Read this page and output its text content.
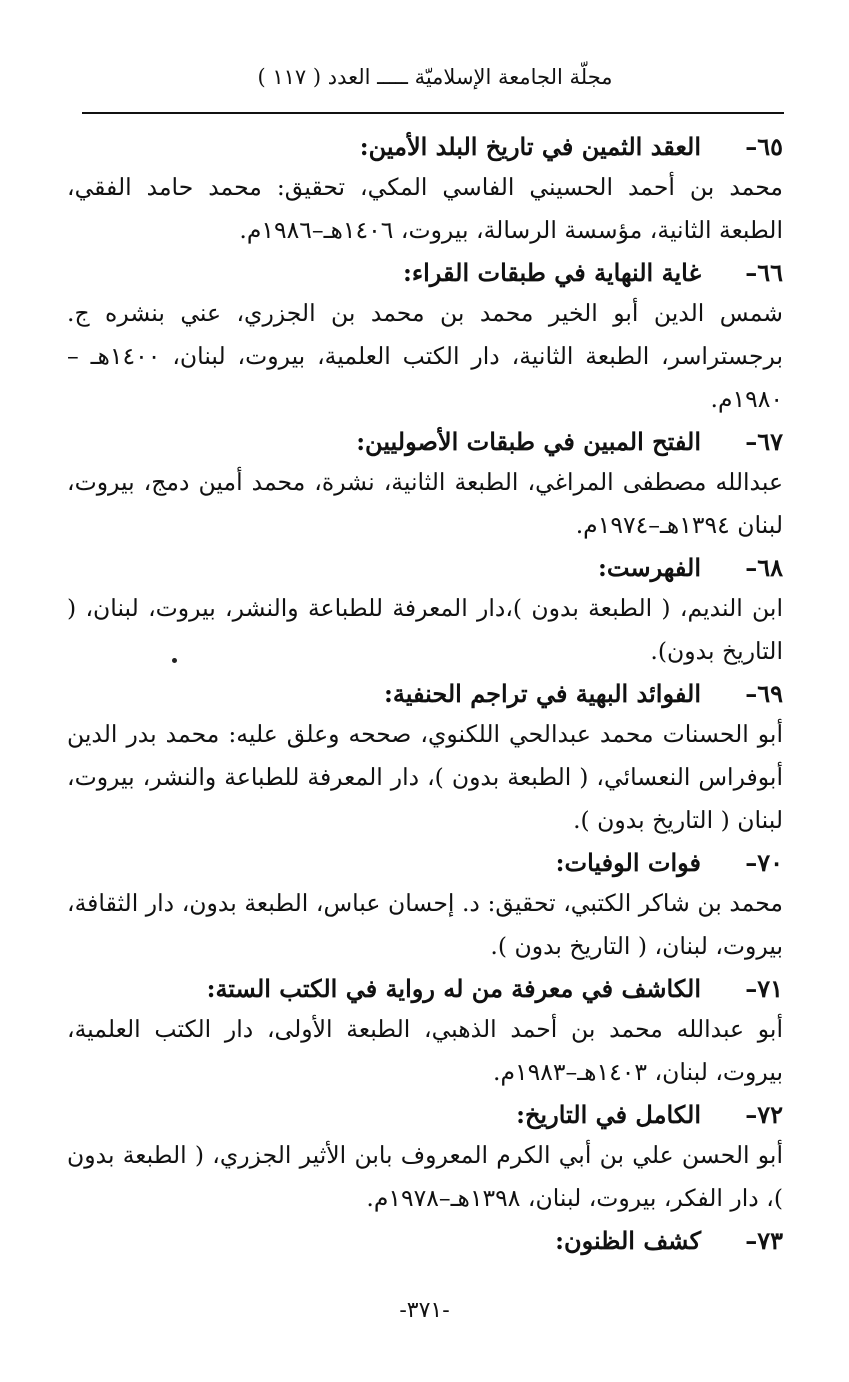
مجلّة الجامعة الإسلاميّة ـــــ العدد ( ١١٧ )
٦٥–
العقد الثمين في تاريخ البلد الأمين:
محمد بن أحمد الحسيني الفاسي المكي، تحقيق: محمد حامد الفقي، الطبعة الثانية، مؤسسة الرسالة، بيروت، ١٤٠٦هـ–١٩٨٦م.
٦٦–
غاية النهاية في طبقات القراء:
شمس الدين أبو الخير محمد بن محمد بن الجزري، عني بنشره ج. برجستراسر، الطبعة الثانية، دار الكتب العلمية، بيروت، لبنان، ١٤٠٠هـ –١٩٨٠م.
٦٧–
الفتح المبين في طبقات الأصوليين:
عبدالله مصطفى المراغي، الطبعة الثانية، نشرة، محمد أمين دمج، بيروت، لبنان ١٣٩٤هـ–١٩٧٤م.
٦٨–
الفهرست:
ابن النديم، ( الطبعة بدون )،دار المعرفة للطباعة والنشر، بيروت، لبنان، ( التاريخ بدون).
٦٩–
الفوائد البهية في تراجم الحنفية:
أبو الحسنات محمد عبدالحي اللكنوي، صححه وعلق عليه: محمد بدر الدين أبوفراس النعسائي، ( الطبعة بدون )، دار المعرفة للطباعة والنشر، بيروت، لبنان ( التاريخ بدون ).
٧٠–
فوات الوفيات:
محمد بن شاكر الكتبي، تحقيق: د. إحسان عباس، الطبعة بدون، دار الثقافة، بيروت، لبنان، ( التاريخ بدون ).
٧١–
الكاشف في معرفة من له رواية في الكتب الستة:
أبو عبدالله محمد بن أحمد الذهبي، الطبعة الأولى، دار الكتب العلمية، بيروت، لبنان، ١٤٠٣هـ–١٩٨٣م.
٧٢–
الكامل في التاريخ:
أبو الحسن علي بن أبي الكرم المعروف بابن الأثير الجزري، ( الطبعة بدون )، دار الفكر، بيروت، لبنان، ١٣٩٨هـ–١٩٧٨م.
٧٣–
كشف الظنون:
-٣٧١-
